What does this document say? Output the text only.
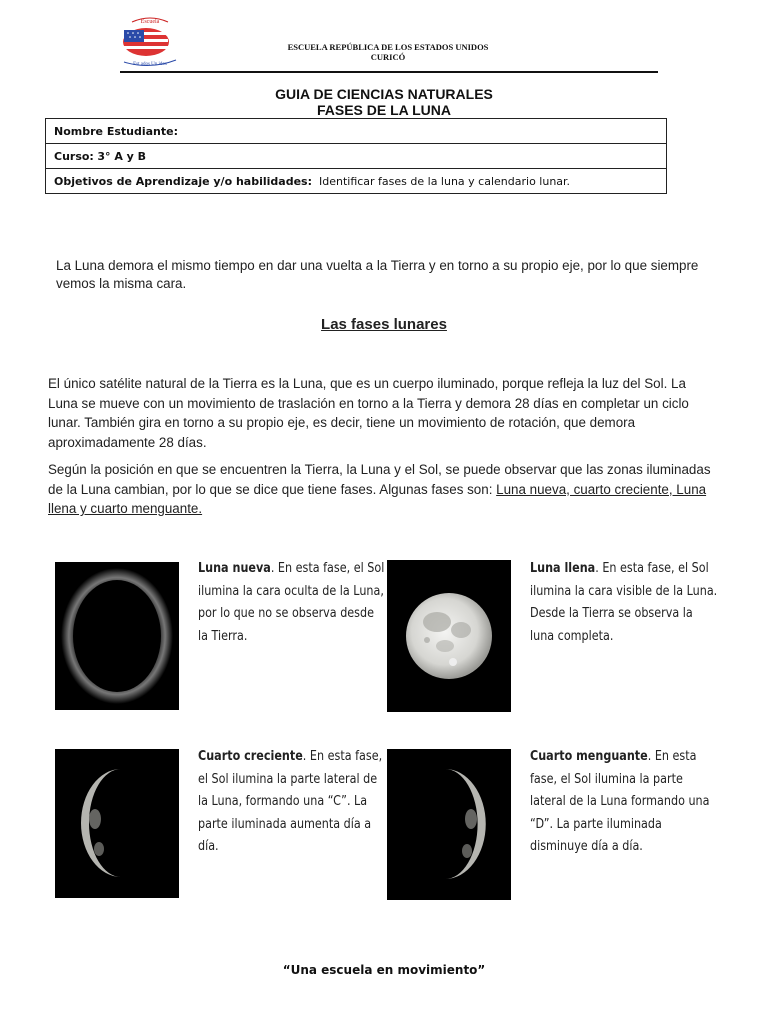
Escuela
Est ados Un idos
ESCUELA REPÚBLICA DE LOS ESTADOS UNIDOS
CURICÓ
GUIA DE CIENCIAS NATURALES
FASES DE LA LUNA
Nombre Estudiante:
Curso: 3° A y B
Objetivos de Aprendizaje y/o habilidades: Identificar fases de la luna y calendario lunar.
La Luna demora el mismo tiempo en dar una vuelta a la Tierra y en torno a su propio eje, por lo que siempre vemos la misma cara.
Las fases lunares
El único satélite natural de la Tierra es la Luna, que es un cuerpo iluminado, porque refleja la luz del Sol. La Luna se mueve con un movimiento de traslación en torno a la Tierra y demora 28 días en completar un ciclo lunar. También gira en torno a su propio eje, es decir, tiene un movimiento de rotación, que demora aproximadamente 28 días.
Según la posición en que se encuentren la Tierra, la Luna y el Sol, se puede observar que las zonas iluminadas de la Luna cambian, por lo que se dice que tiene fases. Algunas fases son: Luna nueva, cuarto creciente, Luna llena y cuarto menguante.
Luna nueva. En esta fase, el Sol ilumina la cara oculta de la Luna, por lo que no se observa desde la Tierra.
Luna llena. En esta fase, el Sol ilumina la cara visible de la Luna. Desde la Tierra se observa la luna completa.
Cuarto creciente. En esta fase, el Sol ilumina la parte lateral de la Luna, formando una “C”. La parte iluminada aumenta día a día.
Cuarto menguante. En esta fase, el Sol ilumina la parte lateral de la Luna formando una “D”. La parte iluminada disminuye día a día.
“Una escuela en movimiento”
